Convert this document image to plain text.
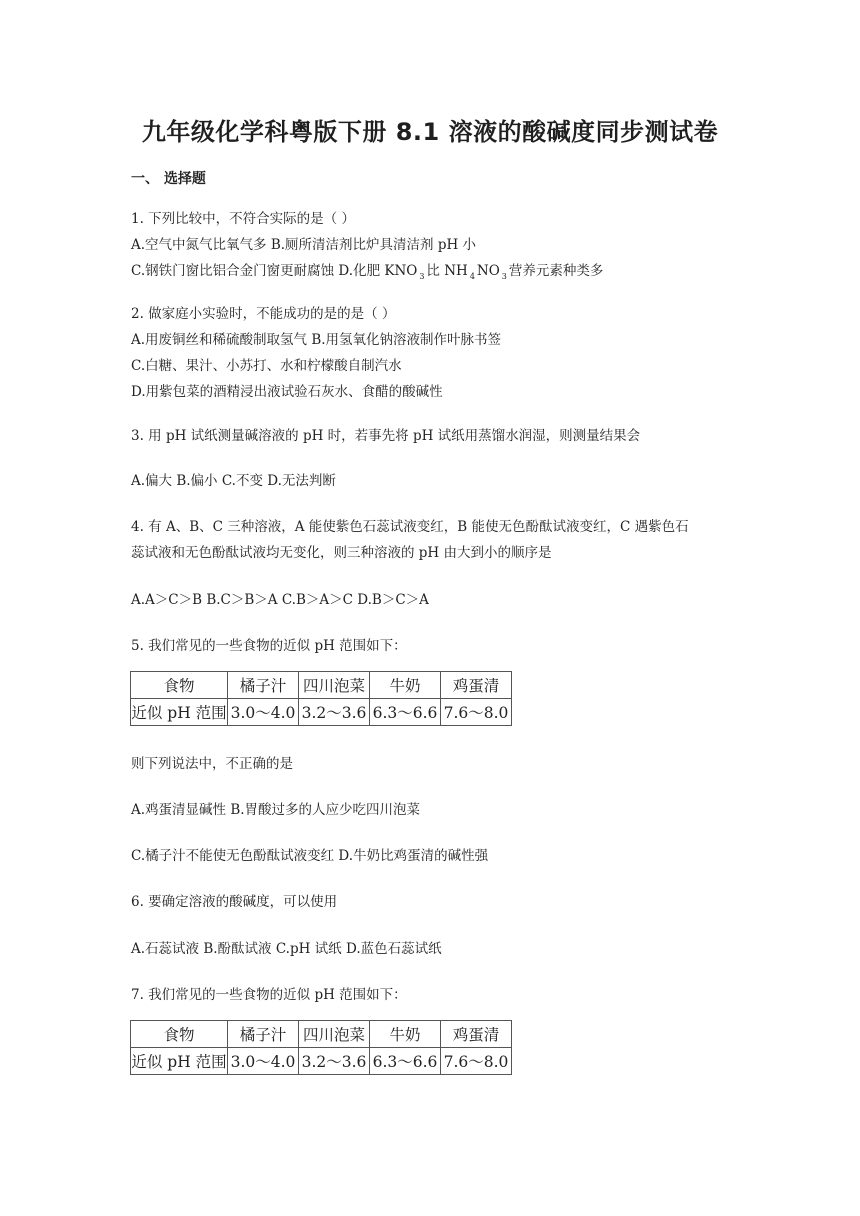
九年级化学科粤版下册 8.1 溶液的酸碱度同步测试卷
一、 选择题
1. 下列比较中，不符合实际的是（ ）
A.空气中氮气比氧气多 B.厕所清洁剂比炉具清洁剂 pH 小
C.钢铁门窗比铝合金门窗更耐腐蚀 D.化肥 KNO $_3$ 比 NH $_4$ NO $_3$ 营养元素种类多
2. 做家庭小实验时，不能成功的是的是（ ）
A.用废铜丝和稀硫酸制取氢气 B.用氢氧化钠溶液制作叶脉书签
C.白糖、果汁、小苏打、水和柠檬酸自制汽水
D.用紫包菜的酒精浸出液试验石灰水、食醋的酸碱性
3. 用 pH 试纸测量碱溶液的 pH 时，若事先将 pH 试纸用蒸馏水润湿，则测量结果会
A.偏大 B.偏小 C.不变 D.无法判断
4. 有 A、B、C 三种溶液，A 能使紫色石蕊试液变红，B 能使无色酚酞试液变红，C 遇紫色石
蕊试液和无色酚酞试液均无变化，则三种溶液的 pH 由大到小的顺序是
A.A＞C＞B B.C＞B＞A C.B＞A＞C D.B＞C＞A
5. 我们常见的一些食物的近似 pH 范围如下：
食物	橘子汁	四川泡菜	牛奶	鸡蛋清
近似 pH 范围	3.0～4.0	3.2～3.6	6.3～6.6	7.6～8.0
则下列说法中，不正确的是
A.鸡蛋清显碱性 B.胃酸过多的人应少吃四川泡菜
C.橘子汁不能使无色酚酞试液变红 D.牛奶比鸡蛋清的碱性强
6. 要确定溶液的酸碱度，可以使用
A.石蕊试液 B.酚酞试液 C.pH 试纸 D.蓝色石蕊试纸
7. 我们常见的一些食物的近似 pH 范围如下：
食物	橘子汁	四川泡菜	牛奶	鸡蛋清
近似 pH 范围	3.0～4.0	3.2～3.6	6.3～6.6	7.6～8.0
